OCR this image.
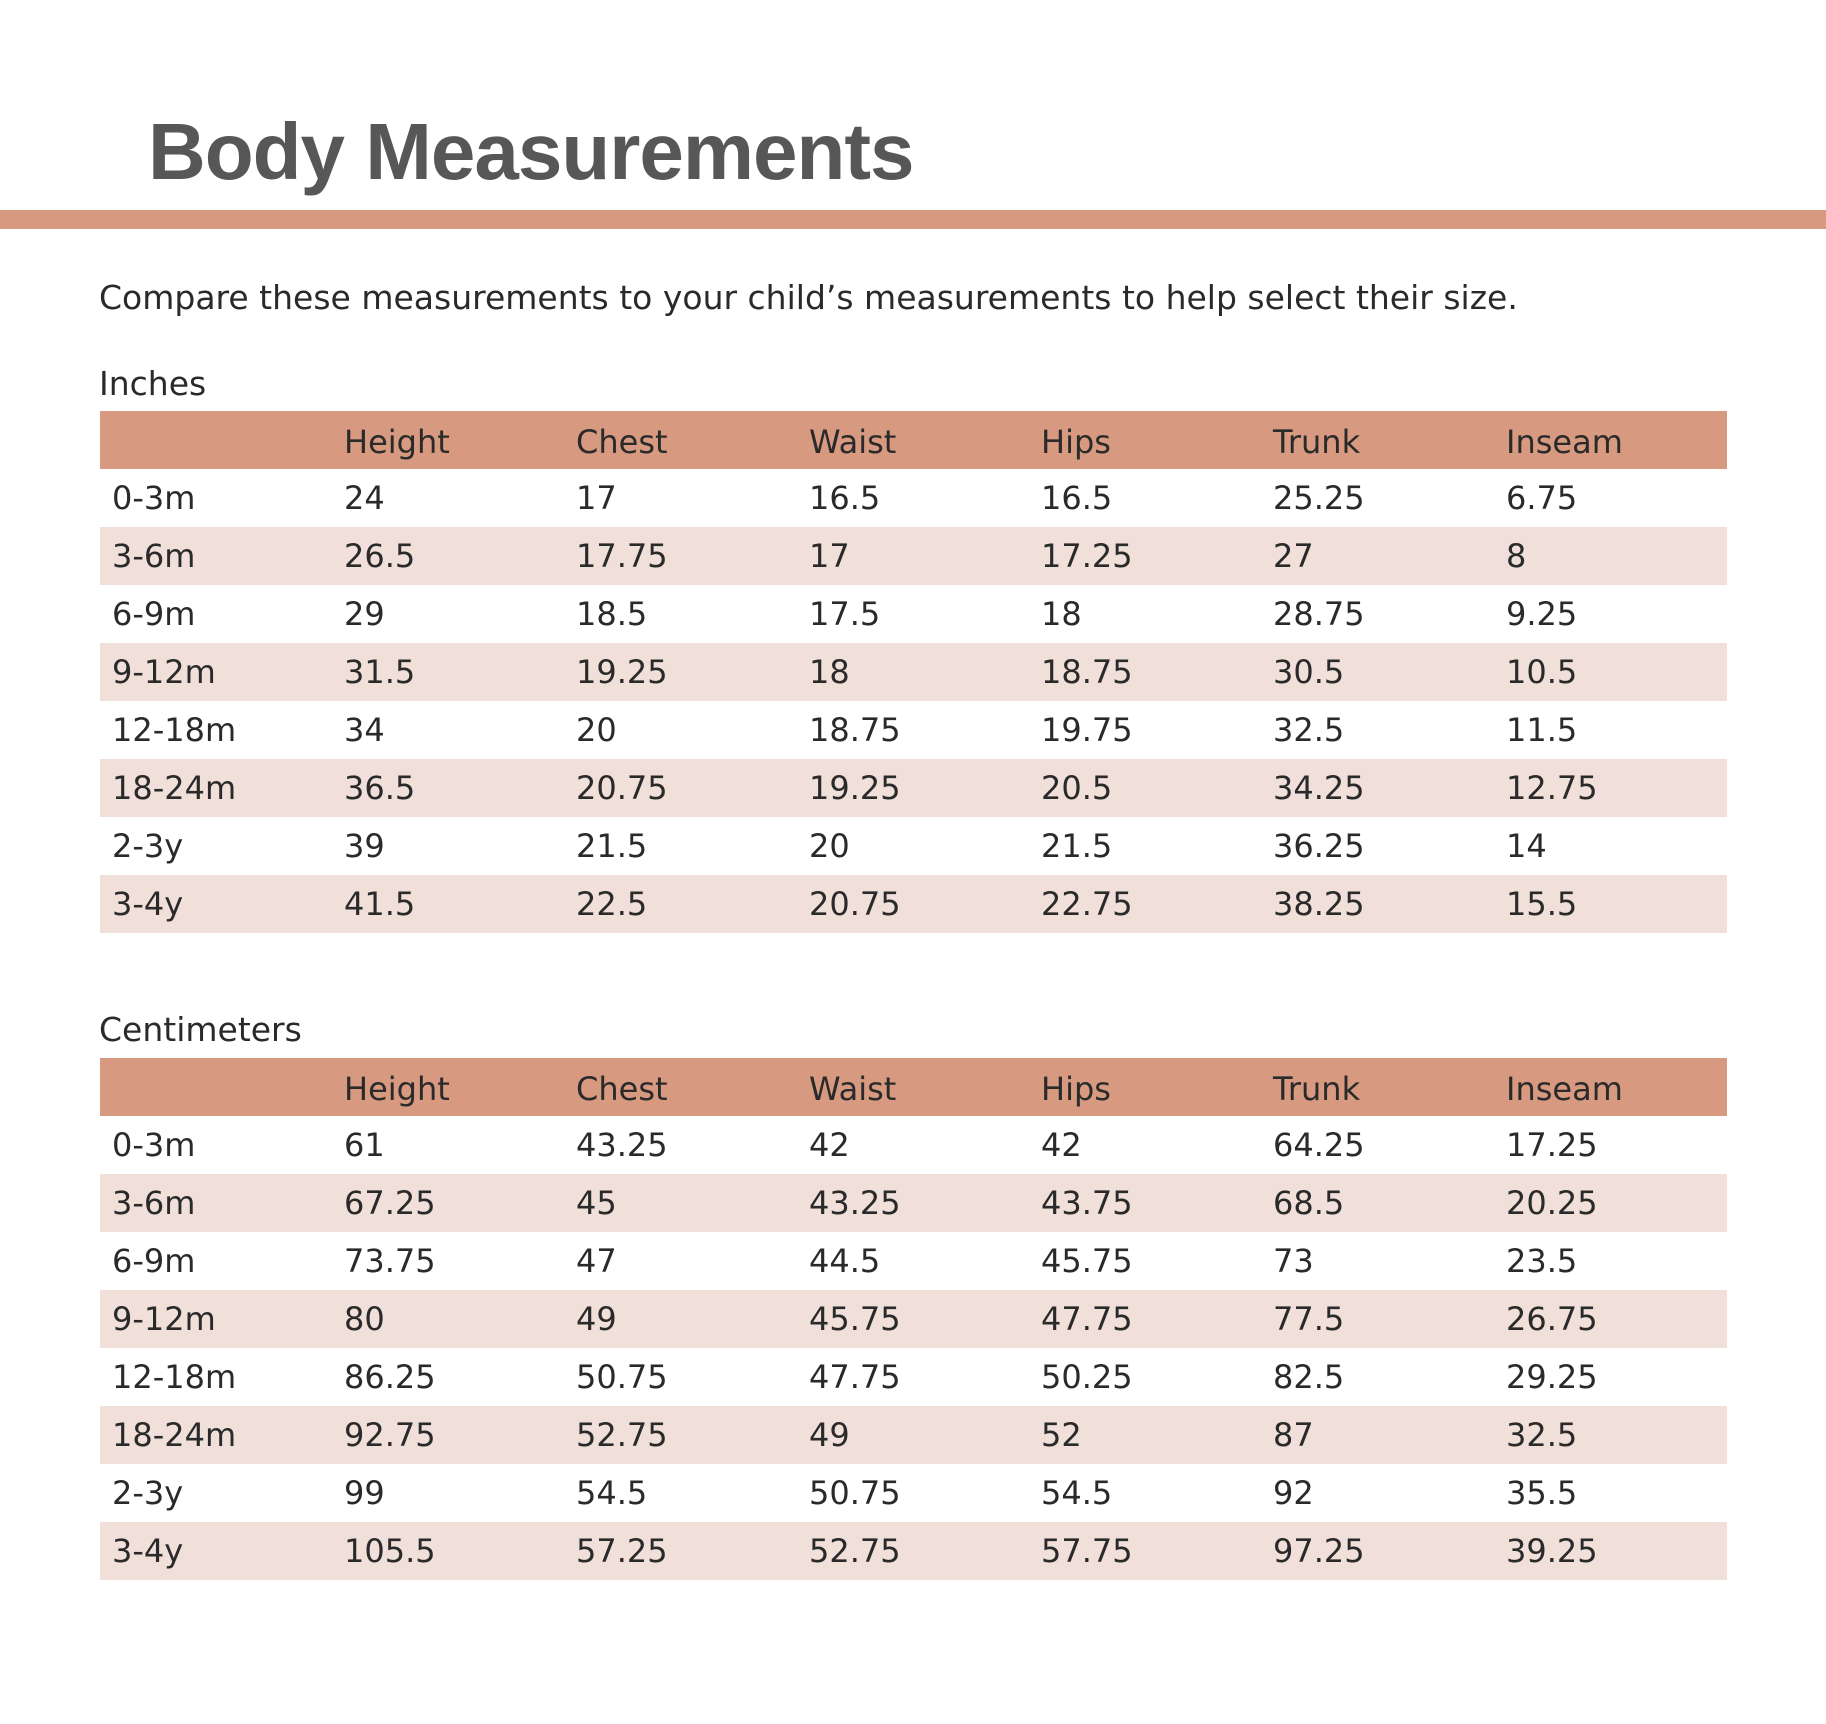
Body Measurements

Compare these measurements to your child’s measurements to help select their size.

Inches

	Height	Chest	Waist	Hips	Trunk	Inseam
0-3m	24	17	16.5	16.5	25.25	6.75
3-6m	26.5	17.75	17	17.25	27	8
6-9m	29	18.5	17.5	18	28.75	9.25
9-12m	31.5	19.25	18	18.75	30.5	10.5
12-18m	34	20	18.75	19.75	32.5	11.5
18-24m	36.5	20.75	19.25	20.5	34.25	12.75
2-3y	39	21.5	20	21.5	36.25	14
3-4y	41.5	22.5	20.75	22.75	38.25	15.5

Centimeters

	Height	Chest	Waist	Hips	Trunk	Inseam
0-3m	61	43.25	42	42	64.25	17.25
3-6m	67.25	45	43.25	43.75	68.5	20.25
6-9m	73.75	47	44.5	45.75	73	23.5
9-12m	80	49	45.75	47.75	77.5	26.75
12-18m	86.25	50.75	47.75	50.25	82.5	29.25
18-24m	92.75	52.75	49	52	87	32.5
2-3y	99	54.5	50.75	54.5	92	35.5
3-4y	105.5	57.25	52.75	57.75	97.25	39.25
